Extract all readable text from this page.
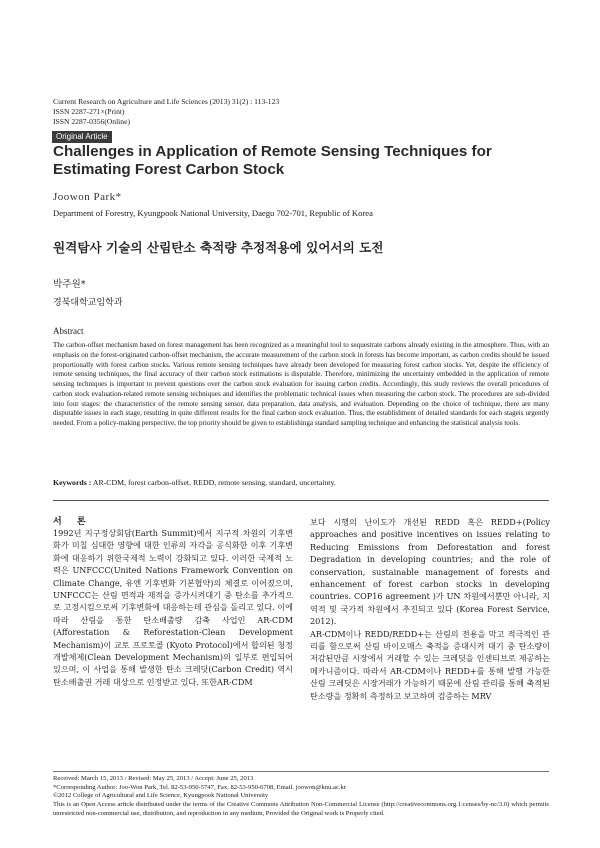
Current Research on Agriculture and Life Sciences (2013) 31(2) : 113-123
ISSN 2287-271×(Print)
ISSN 2287-0356(Online)
Original Article
Challenges in Application of Remote Sensing Techniques for Estimating Forest Carbon Stock
Joowon Park*
Department of Forestry, Kyungpook National University, Daegu 702-701, Republic of Korea
원격탐사 기술의 산림탄소 축적량 추정적용에 있어서의 도전
박주원*
경북대학교임학과
Abstract
The carbon-offset mechanism based on forest management has been recognized as a meaningful tool to sequestrate carbons already existing in the atmosphere. Thus, with an emphasis on the forest-originated carbon-offset mechanism, the accurate measurement of the carbon stock in forests has become important, as carbon credits should be issued proportionally with forest carbon stocks. Various remote sensing techniques have already been developed for measuring forest carbon stocks. Yet, despite the efficiency of remote sensing techniques, the final accuracy of their carbon stock estimations is disputable. Therefore, minimizing the uncertainty embedded in the application of remote sensing techniques is important to prevent questions over the carbon stock evaluation for issuing carbon credits. Accordingly, this study reviews the overall procedures of carbon stock evaluation-related remote sensing techniques and identifies the problematic technical issues when measuring the carbon stock. The procedures are sub-divided into four stages: the characteristics of the remote sensing sensor, data preparation, data analysis, and evaluation. Depending on the choice of technique, there are many disputable issues in each stage, resulting in quite different results for the final carbon stock evaluation. Thus, the establishment of detailed standards for each stageis urgently needed. From a policy-making perspective, the top priority should be given to establishinga standard sampling technique and enhancing the statistical analysis tools.
Keywords : AR-CDM, forest carbon-offset, REDD, remote sensing, standard, uncertainty.
서 론

1992년 지구정상회담(Earth Summit)에서 지구적 차원의 기후변화가 미칠 심대한 영향에 대한 인류의 자각을 공식화한 이후 기후변화에 대응하기 위한국제적 노력이 강화되고 있다. 이러한 국제적 노력은 UNFCCC(United Nations Framework Convention on Climate Change, 유엔 기후변화 기본협약)의 체결로 이어졌으며, UNFCCC는 산림 면적과 재적을 증가시켜대기 중 탄소를 추가적으로 고정시킴으로써 기후변화에 대응하는데 관심을 돌리고 있다. 이에 따라 산림을 통한 탄소배출량 감축 사업인 AR-CDM (Afforestation & Reforestation-Clean Development Mechanism)이 교토 프로토콜 (Kyoto Protocol)에서 합의된 청정개발체제(Clean Development Mechanism)의 일부로 편입되어 있으며, 이 사업을 통해 발생한 탄소 크레딧(Carbon Credit) 역시 탄소배출권 거래 대상으로 인정받고 있다. 또한AR-CDM

보다 시행의 난이도가 개선된 REDD 혹은 REDD+(Policy approaches and positive incentives on issues relating to Reducing Emissions from Deforestation and forest Degradation in developing countries; and the role of conservation, sustainable management of forests and enhancement of forest carbon stocks in developing countries. COP16 agreement )가 UN 차원에서뿐만 아니라, 지역적 및 국가적 차원에서 추진되고 있다 (Korea Forest Service, 2012).

AR-CDM이나 REDD/REDD+는 산림의 전용을 막고 적극적인 관리를 함으로써 산림 바이오매스 축적을 증대시켜 대기 중 탄소량이 저감된만큼 시장에서 거래할 수 있는 크레딧을 인센티브로 제공하는 메카니즘이다. 따라서 AR-CDM이나 REDD+를 통해 발행 가능한 산림 크레딧은 시장거래가 가능하기 때문에 산림 관리를 통해 축적된 탄소량을 정확히 측정하고 보고하며 검증하는 MRV

Received: March 15, 2013 / Revised: May 25, 2013 / Accept: June 25, 2013
*Corresponding Author: Joo-Won Park, Tel. 82-53-950-5747, Fax. 82-53-950-6708, Email. joowon@knu.ac.kr
©2012 College of Agricultural and Life Science, Kyungpook National University
This is an Open Access article distributed under the terms of the Creative Commons Attribution Non-Commercial License (http://creativecommons.org.1:censes/by-nc/3.0) which permits unrestricted non-commercial use, distribution, and reproduction in any medium, Provided the Original work is Properly cited.
